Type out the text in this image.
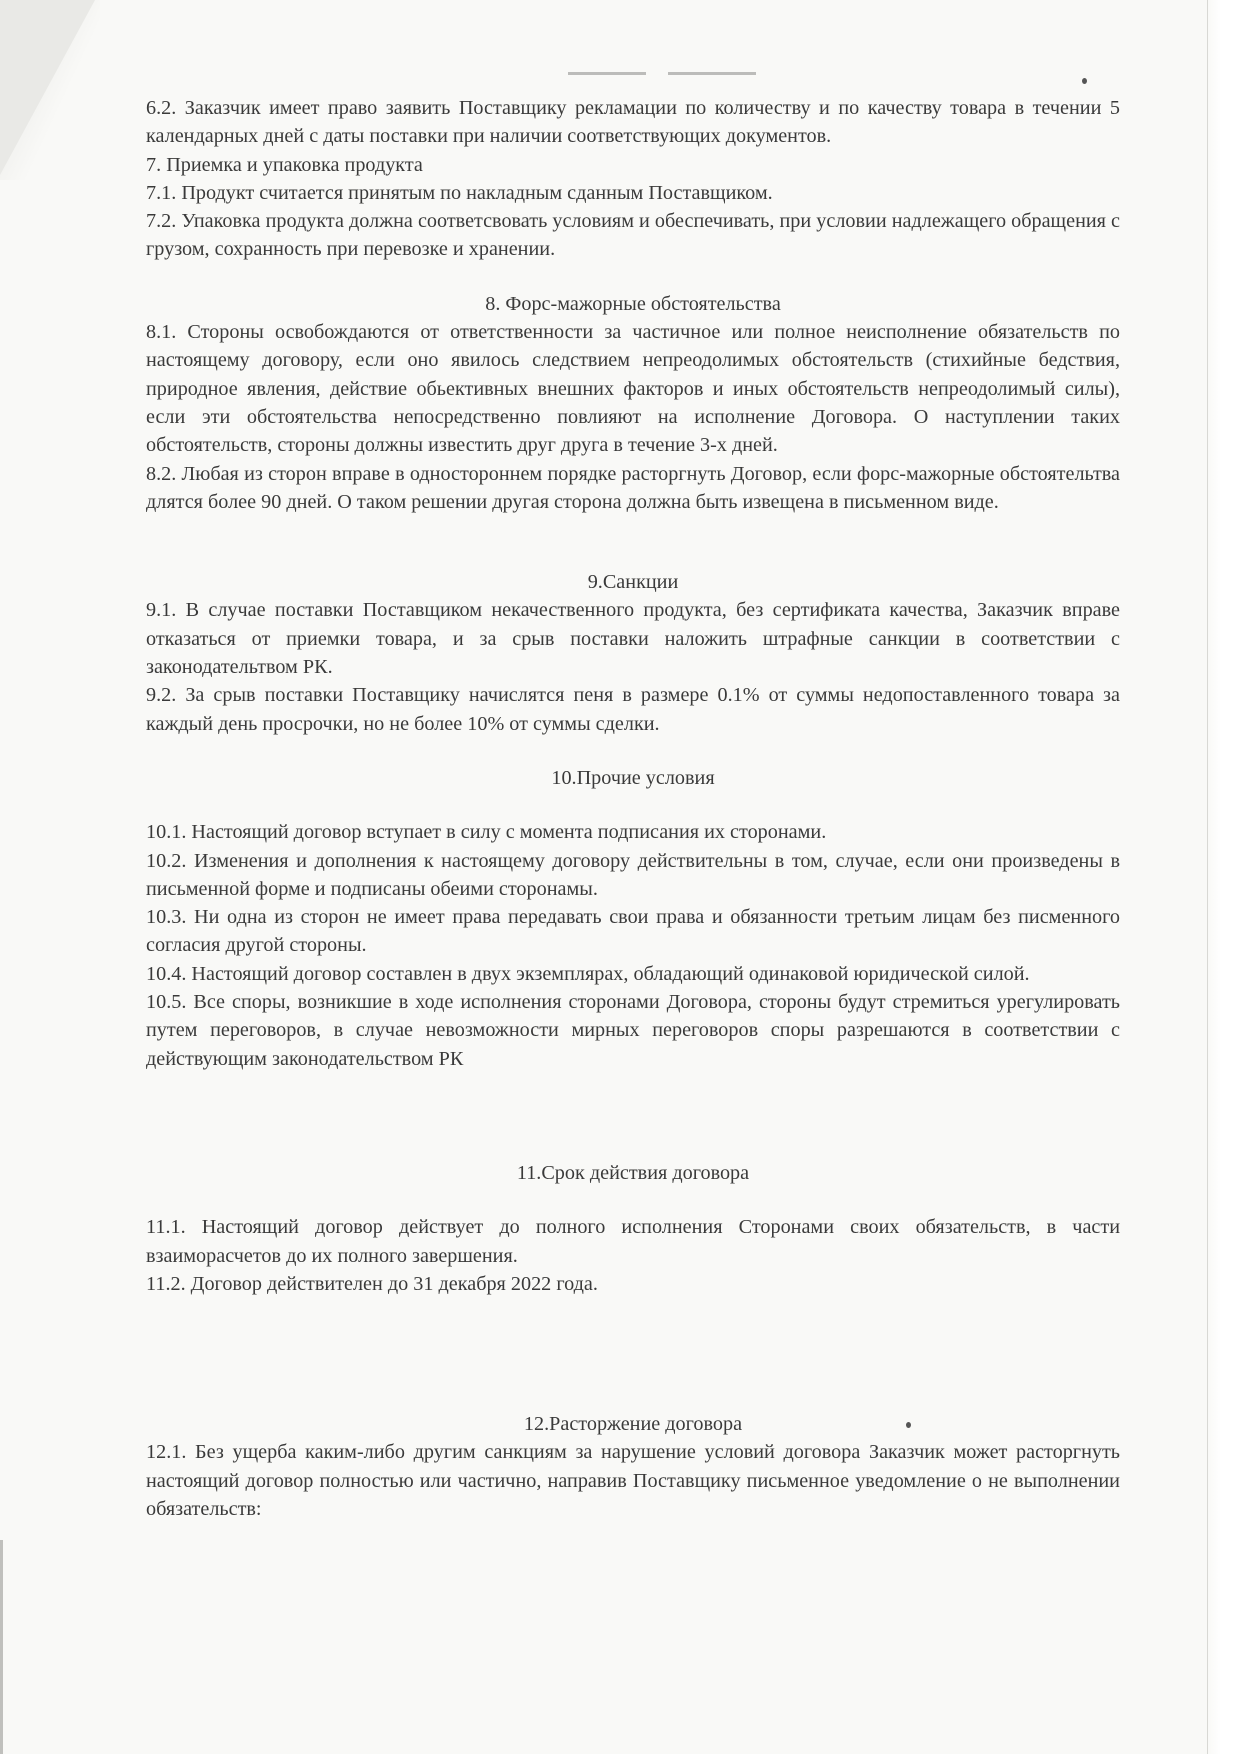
6.2. Заказчик имеет право заявить Поставщику рекламации по количеству и по качеству товара в течении 5 календарных дней с даты поставки при наличии соответствующих документов.

7. Приемка и упаковка продукта

7.1. Продукт считается принятым по накладным сданным Поставщиком.

7.2. Упаковка продукта должна соответсвовать условиям и обеспечивать, при условии надлежащего обращения с грузом, сохранность при перевозке и хранении.

8. Форс-мажорные обстоятельства

8.1. Стороны освобождаются от ответственности за частичное или полное неисполнение обязательств по настоящему договору, если оно явилось следствием непреодолимых обстоятельств (стихийные бедствия, природное явления, действие обьективных внешних факторов и иных обстоятельств непреодолимый силы), если эти обстоятельства непосредственно повлияют на исполнение Договора. О наступлении таких обстоятельств, стороны должны известить друг друга в течение 3-х дней.

8.2. Любая из сторон вправе в одностороннем порядке расторгнуть Договор, если форс-мажорные обстоятельтва длятся более 90 дней. О таком решении другая сторона должна быть извещена в письменном виде.

9.Санкции

9.1. В случае поставки Поставщиком некачественного продукта, без сертификата качества, Заказчик вправе отказаться от приемки товара, и за срыв поставки наложить штрафные санкции в соответствии с законодательтвом РК.

9.2. За срыв поставки Поставщику начислятся пеня в размере 0.1% от суммы недопоставленного товара за каждый день просрочки, но не более 10% от суммы сделки.

10.Прочие условия

10.1. Настоящий договор вступает в силу с момента подписания их сторонами.

10.2. Изменения и дополнения к настоящему договору действительны в том, случае, если они произведены в письменной форме и подписаны обеими сторонамы.

10.3. Ни одна из сторон не имеет права передавать свои права и обязанности третьим лицам без писменного согласия другой стороны.

10.4. Настоящий договор составлен в двух экземплярах, обладающий одинаковой юридической силой.

10.5. Все споры, возникшие в ходе исполнения сторонами Договора, стороны будут стремиться урегулировать путем переговоров, в случае невозможности мирных переговоров споры разрешаются в соответствии с действующим законодательством РК

11.Срок действия договора

11.1. Настоящий договор действует до полного исполнения Сторонами своих обязательств, в части взаиморасчетов до их полного завершения.

11.2. Договор действителен до 31 декабря 2022 года.

12.Расторжение договора

12.1. Без ущерба каким-либо другим санкциям за нарушение условий договора Заказчик может расторгнуть настоящий договор полностью или частично, направив Поставщику письменное уведомление о не выполнении обязательств:
